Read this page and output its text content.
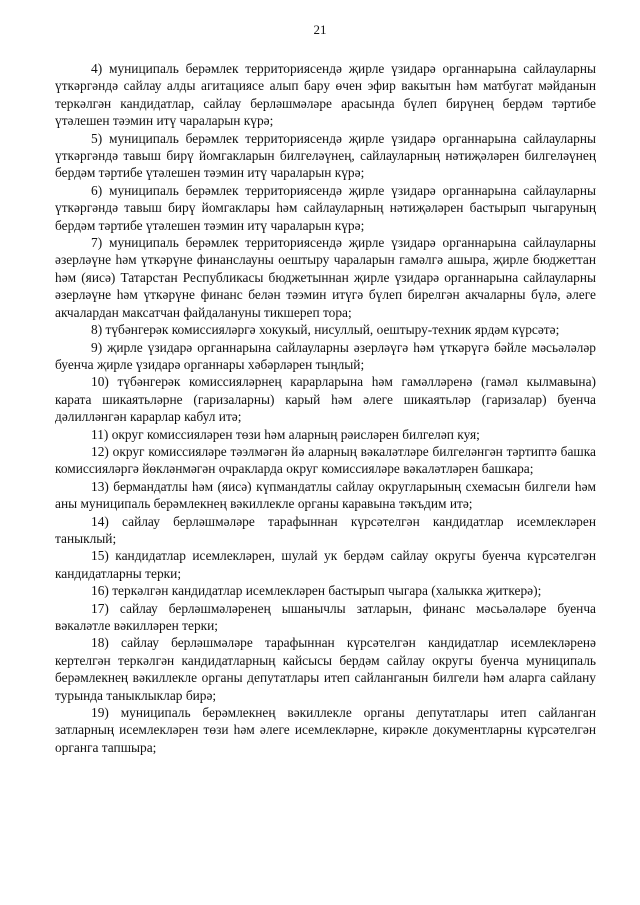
21

4) муниципаль берәмлек территориясендә җирле үзидарә органнарына сайлауларны үткәргәндә сайлау алды агитациясе алып бару өчен эфир вакытын һәм матбугат мәйданын теркәлгән кандидатлар, сайлау берләшмәләре арасында бүлеп бирүнең бердәм тәртибе үтәлешен тәэмин итү чараларын күрә;

5) муниципаль берәмлек территориясендә җирле үзидарә органнарына сайлауларны үткәргәндә тавыш бирү йомгакларын билгеләүнең, сайлауларның нәтиҗәләрен билгеләүнең бердәм тәртибе үтәлешен тәэмин итү чараларын күрә;

6) муниципаль берәмлек территориясендә җирле үзидарә органнарына сайлауларны үткәргәндә тавыш бирү йомгаклары һәм сайлауларның нәтиҗәләрен бастырып чыгаруның бердәм тәртибе үтәлешен тәэмин итү чараларын күрә;

7) муниципаль берәмлек территориясендә җирле үзидарә органнарына сайлауларны әзерләүне һәм үткәрүне финанслауны оештыру чараларын гамәлгә ашыра, җирле бюджеттан һәм (яисә) Татарстан Республикасы бюджетыннан җирле үзидарә органнарына сайлауларны әзерләүне һәм үткәрүне финанс белән тәэмин итүгә бүлеп бирелгән акчаларны бүлә, әлеге акчалардан максатчан файдалануны тикшереп тора;

8) түбәнгерәк комиссияләргә хокукый, нисуллый, оештыру-техник ярдәм күрсәтә;

9) җирле үзидарә органнарына сайлауларны әзерләүгә һәм үткәрүгә бәйле мәсьәләләр буенча җирле үзидарә органнары хәбәрләрен тыңлый;

10) түбәнгерәк комиссияләрнең карарларына һәм гамәлләренә (гамәл кылмавына) карата шикаятьләрне (гаризаларны) карый һәм әлеге шикаятьләр (гаризалар) буенча дәлилләнгән карарлар кабул итә;

11) округ комиссияләрен төзи һәм аларның рәисләрен билгеләп куя;

12) округ комиссияләре тәэлмәгән йә аларның вәкаләтләре билгеләнгән тәртиптә башка комиссияләргә йөкләнмәгән очракларда округ комиссияләре вәкаләтләрен башкара;

13) бермандатлы һәм (яисә) күпмандатлы сайлау округларының схемасын билгели һәм аны муниципаль берәмлекнең вәкиллекле органы каравына тәкъдим итә;

14) сайлау берләшмәләре тарафыннан күрсәтелгән кандидатлар исемлекләрен таныклый;

15) кандидатлар исемлекләрен, шулай ук бердәм сайлау округы буенча күрсәтелгән кандидатларны терки;

16) теркәлгән кандидатлар исемлекләрен бастырып чыгара (халыкка җиткерә);

17) сайлау берләшмәләренең ышанычлы затларын, финанс мәсьәләләре буенча вәкаләтле вәкилләрен терки;

18) сайлау берләшмәләре тарафыннан күрсәтелгән кандидатлар исемлекләренә кертелгән теркәлгән кандидатларның кайсысы бердәм сайлау округы буенча муниципаль берәмлекнең вәкиллекле органы депутатлары итеп сайланганын билгели һәм аларга сайлану турында таныклыклар бирә;

19) муниципаль берәмлекнең вәкиллекле органы депутатлары итеп сайланган затларның исемлекләрен төзи һәм әлеге исемлекләрне, кирәкле документларны күрсәтелгән органга тапшыра;
